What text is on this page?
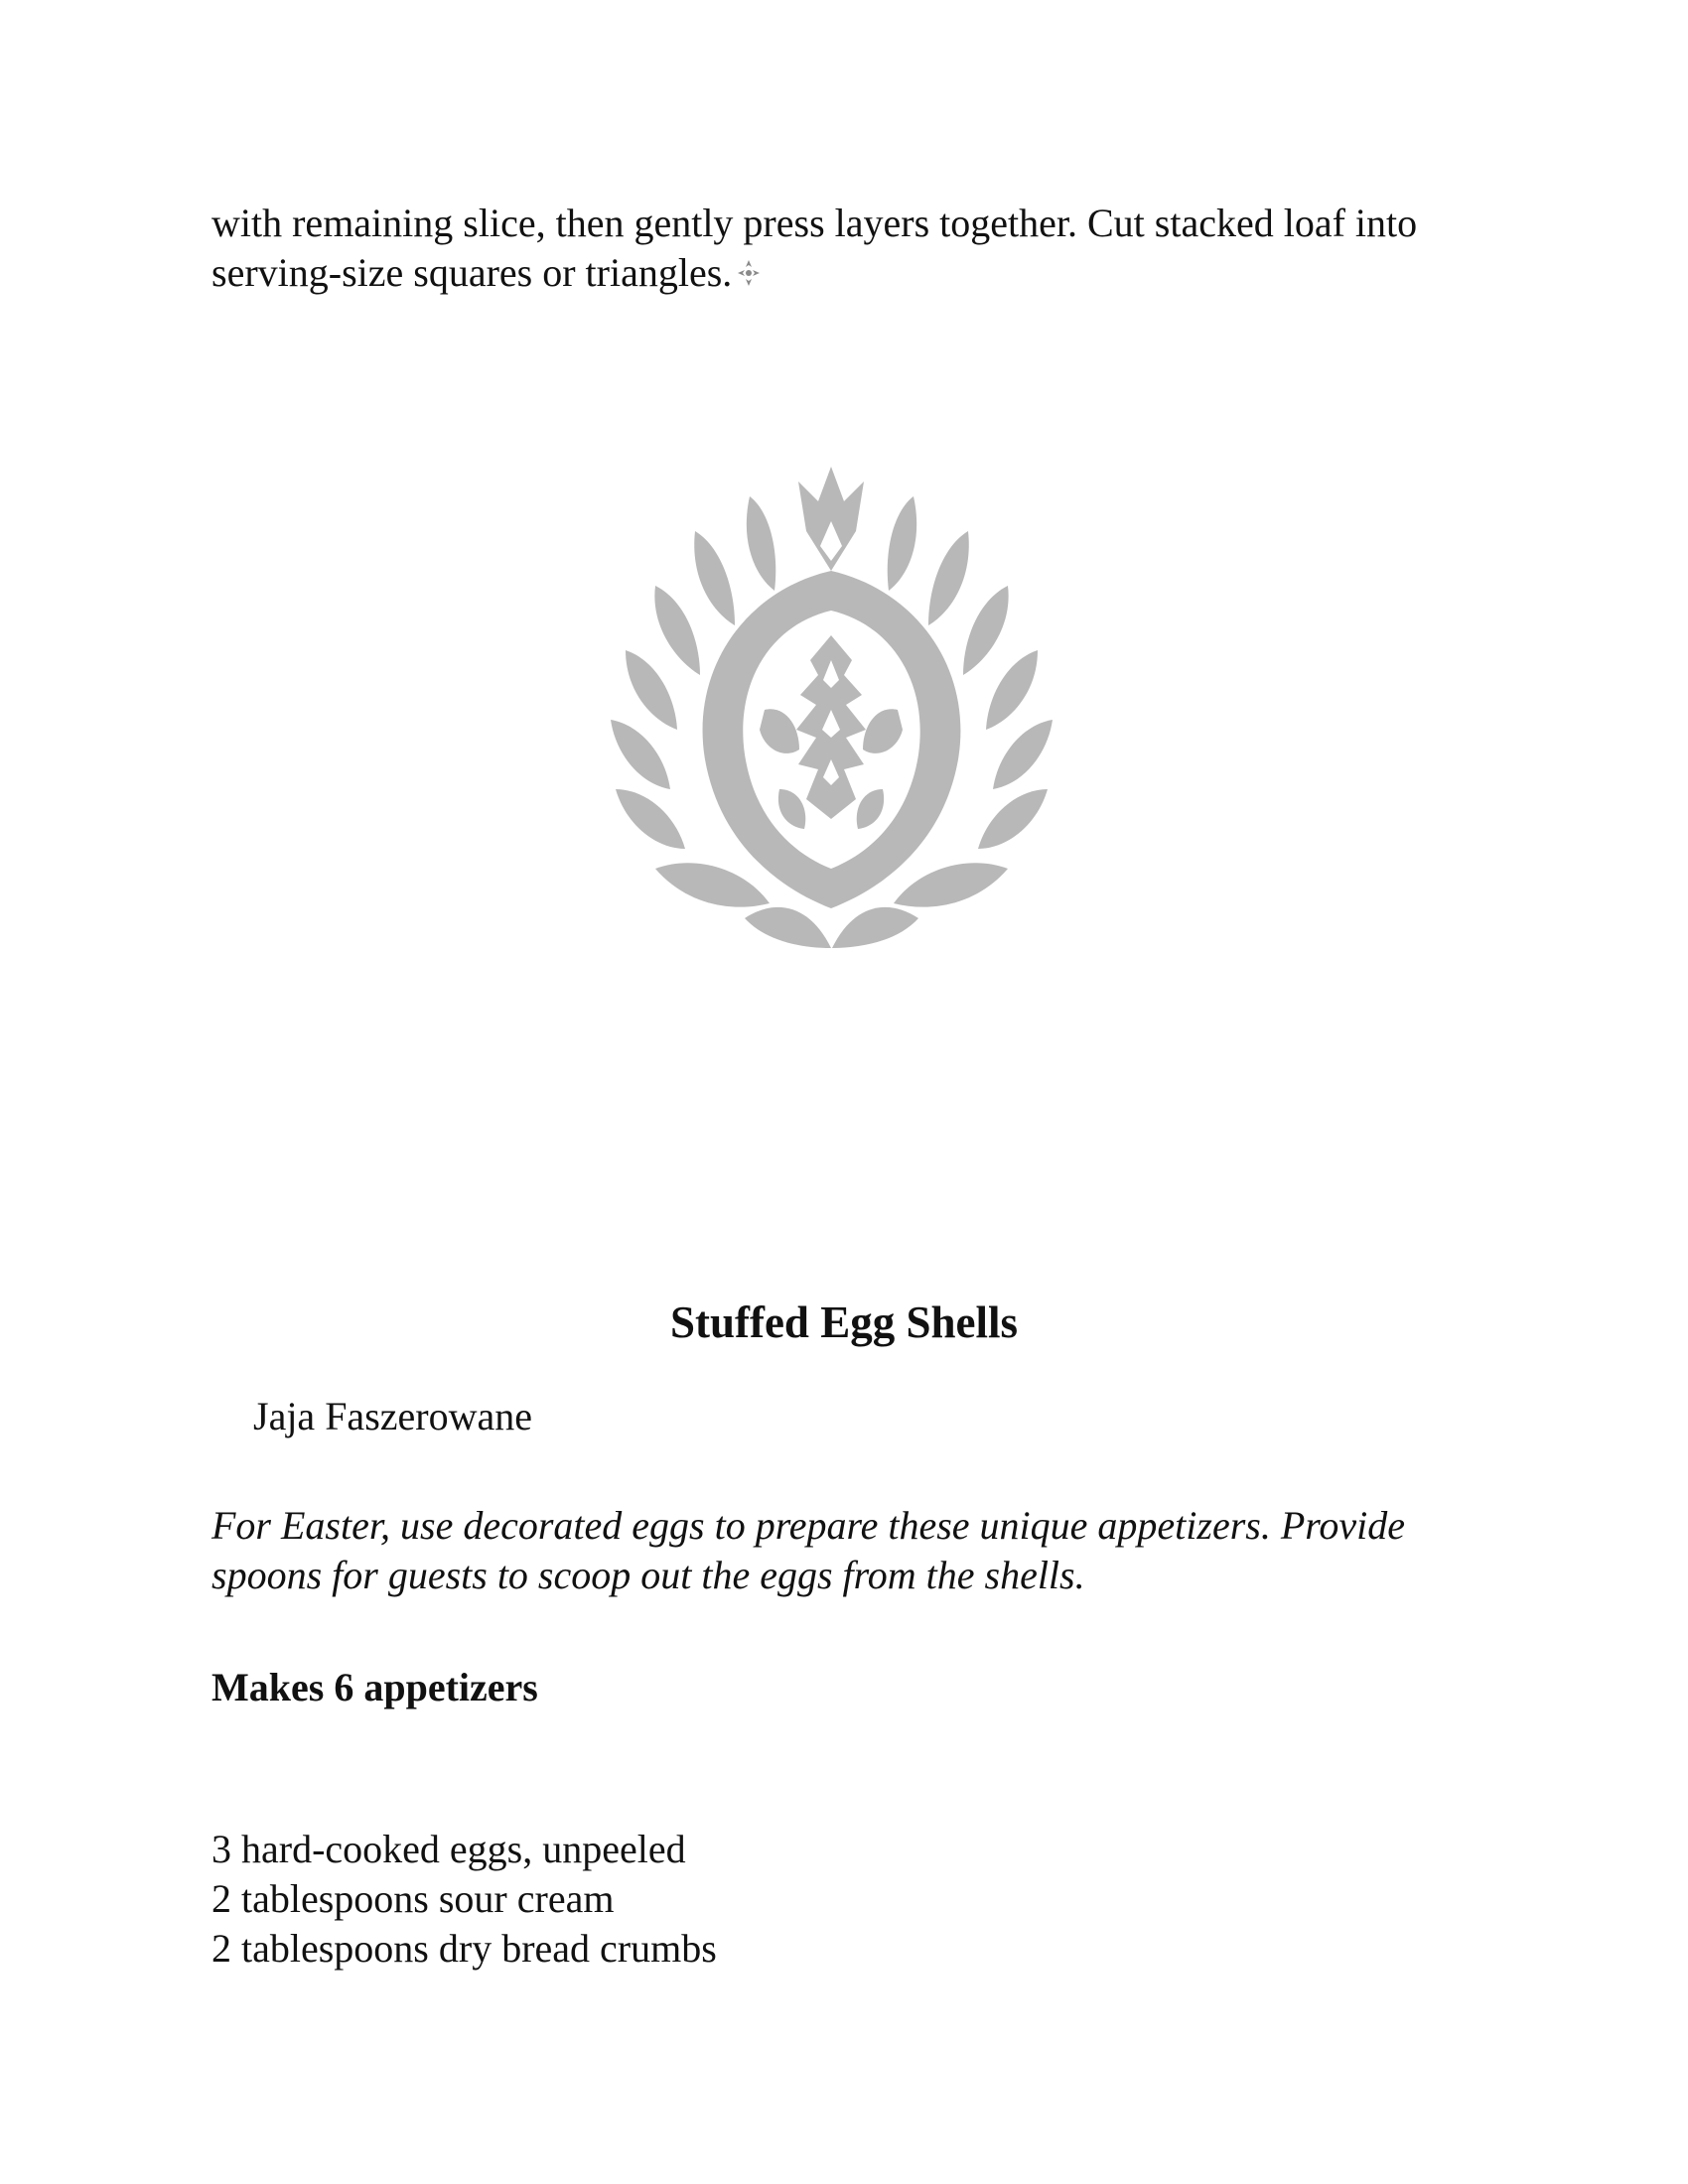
with remaining slice, then gently press layers together. Cut stacked loaf into serving-size squares or triangles.

Stuffed Egg Shells
Jaja Faszerowane

For Easter, use decorated eggs to prepare these unique appetizers. Provide spoons for guests to scoop out the eggs from the shells.

Makes 6 appetizers
3 hard-cooked eggs, unpeeled
2 tablespoons sour cream
2 tablespoons dry bread crumbs
